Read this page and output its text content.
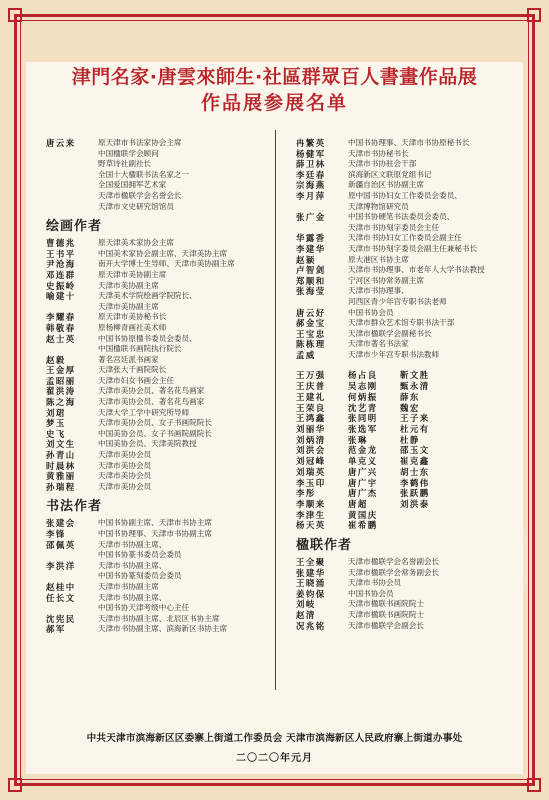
津門名家·唐雲來師生·社區群眾百人書畫作品展
作品展参展名单
唐云来	原天津市书法家协会主席
中国楹联学会顾问
野草诗社副社长
全国十大楹联书法名家之一
全国爱国拥军艺术家
天津市楹联学会名誉会长
天津市文史研究馆馆员
绘画作者
曹德兆	原天津美术家协会主席
王书平	中国美术家协会副主席、天津美协主席
尹沧海	南开大学博士生导师、天津市美协副主席
邓连群	原天津市美协副主席
史振岭	天津市美协副主席
喻建十	天津美术学院绘画学院院长、
天津市美协副主席
李耀春	原天津市美协秘书长
韩敬春	原杨柳青画社美术师
赵士英	中国书协原楹书委员会委员、
中国楹联书画院执行院长
赵毅	著名宫廷派书画家
王金厚	天津张大千画院院长
孟昭丽	天津市妇女书画会主任
翟洪涛	天津市美协会员、著名花鸟画家
陈之海	天津市美协会员、著名花鸟画家
刘珺	天津大学工学中研究所导师
梦玉	天津市美协会员、女子书画院院长
史飞	中国美协会员、女子书画院副院长
刘文生	中国美协会员、天津美院教授
孙青山	天津市美协会员
时晨林	天津市美协会员
黄雅丽	天津市美协会员
孙瑞程	天津市美协会员
书法作者
张建会	中国书协副主席、天津市书协主席
李锋	中国书协理事、天津市书协副主席
邵佩英	天津市书协副主席、
中国书协篆书委员会委员
李洪洋	天津市书协副主席、
中国书协篆刻委员会委员
赵桂中	天津市书协副主席
任长文	天津市书协副主席、
中国书协天津考级中心主任
沈宪民	天津市书协副主席、北辰区书协主席
郝军	天津市书协副主席、滨海新区书协主席
冉繁英	中国书协理事、天津市书协原秘书长
杨健军	天津市书协秘书长
薛卫林	天津市书协驻会干部
李廷春	滨海新区文联原党组书记
宗海燕	新疆自治区书协副主席
李月萍	原中国书协妇女工作委员会委员、
天津博物馆研究员
张广金	中国书协硬笔书法委员会委员、
天津市书协刻字委员会主任
华露香	天津市书协妇女工作委员会副主任
李建华	天津市书协刻字委员会副主任兼秘书长
赵颖	原大港区书协主席
卢智剑	天津市书协理事、市老年人大学书法教授
郑顺和	宁河区书协常务副主席
张海莹	天津市书协理事、
河西区青少年宫专职书法老师
唐云好	中国书协会员
郝金宝	天津市群众艺术馆专职书法干部
王宝忠	天津市楹联学会副秘书长
陈栋理	天津市著名书法家
孟威	天津市少年宫专职书法教师
王万强	杨占良	靳文胜
王庆普	吴志刚	甄永清
王建礼	何炳振	薛东
王荣良	沈艺青	魏宏
王鸿鑫	张同明	王子来
刘丽华	张选军	杜元有
刘炳清	张琳	杜静
刘洪会	范金龙	邵玉文
刘冠峰	单克义	崔克鑫
刘瑞英	唐广兴	胡士东
李玉印	唐广宇	李鹤伟
李彤	唐广杰	张跃鹏
李顺来	唐超	刘洪泰
李津生	黄国庆
杨天英	崔希鹏
楹联作者
王全聚	天津市楹联学会名誉副会长
张建华	天津市楹联学会常务副会长
王晓涌	天津市书协会员
姜钧保	中国书协会员
刘岐	天津市楹联书画院院士
赵清	天津市楹联书画院院士
况兆铭	天津市楹联学会副会长
中共天津市滨海新区区委寨上街道工作委员会 天津市滨海新区人民政府寨上街道办事处
二〇二〇年元月
